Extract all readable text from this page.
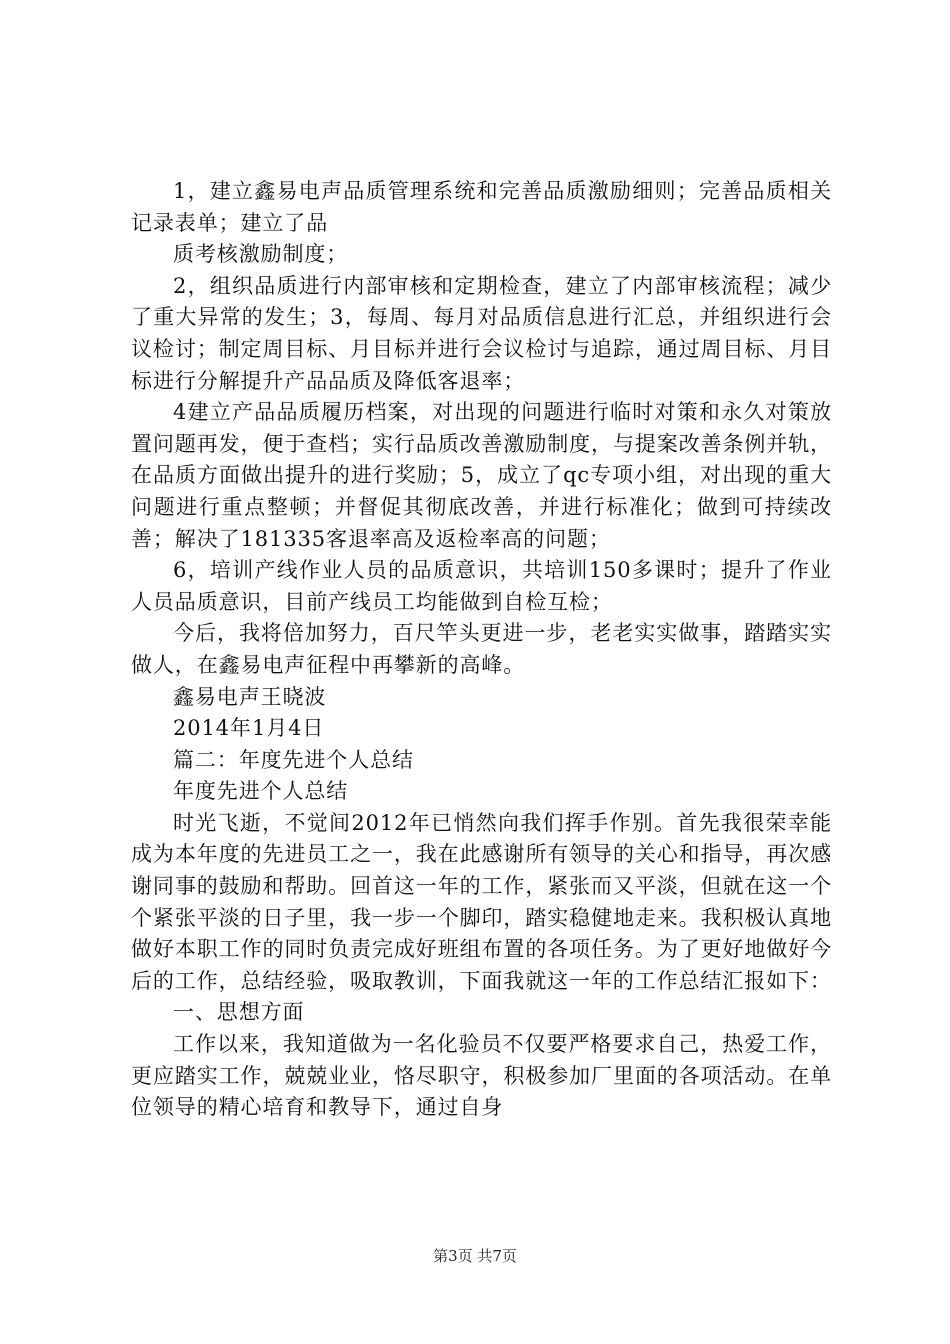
1，建立鑫易电声品质管理系统和完善品质激励细则；完善品质相关记录表单；建立了品

质考核激励制度；

2，组织品质进行内部审核和定期检查，建立了内部审核流程；减少了重大异常的发生；3，每周、每月对品质信息进行汇总，并组织进行会议检讨；制定周目标、月目标并进行会议检讨与追踪，通过周目标、月目标进行分解提升产品品质及降低客退率；

4建立产品品质履历档案，对出现的问题进行临时对策和永久对策放置问题再发，便于查档；实行品质改善激励制度，与提案改善条例并轨，在品质方面做出提升的进行奖励；5，成立了qc专项小组，对出现的重大问题进行重点整顿；并督促其彻底改善，并进行标准化；做到可持续改善；解决了181335客退率高及返检率高的问题；

6，培训产线作业人员的品质意识，共培训150多课时；提升了作业人员品质意识，目前产线员工均能做到自检互检；

今后，我将倍加努力，百尺竿头更进一步，老老实实做事，踏踏实实做人，在鑫易电声征程中再攀新的高峰。

鑫易电声王晓波

2014年1月4日

篇二：年度先进个人总结

年度先进个人总结

时光飞逝，不觉间2012年已悄然向我们挥手作别。首先我很荣幸能成为本年度的先进员工之一，我在此感谢所有领导的关心和指导，再次感谢同事的鼓励和帮助。回首这一年的工作，紧张而又平淡，但就在这一个个紧张平淡的日子里，我一步一个脚印，踏实稳健地走来。我积极认真地做好本职工作的同时负责完成好班组布置的各项任务。为了更好地做好今后的工作，总结经验，吸取教训，下面我就这一年的工作总结汇报如下：

一、思想方面

工作以来，我知道做为一名化验员不仅要严格要求自己，热爱工作，更应踏实工作，兢兢业业，恪尽职守，积极参加厂里面的各项活动。在单位领导的精心培育和教导下，通过自身

第3页 共7页
